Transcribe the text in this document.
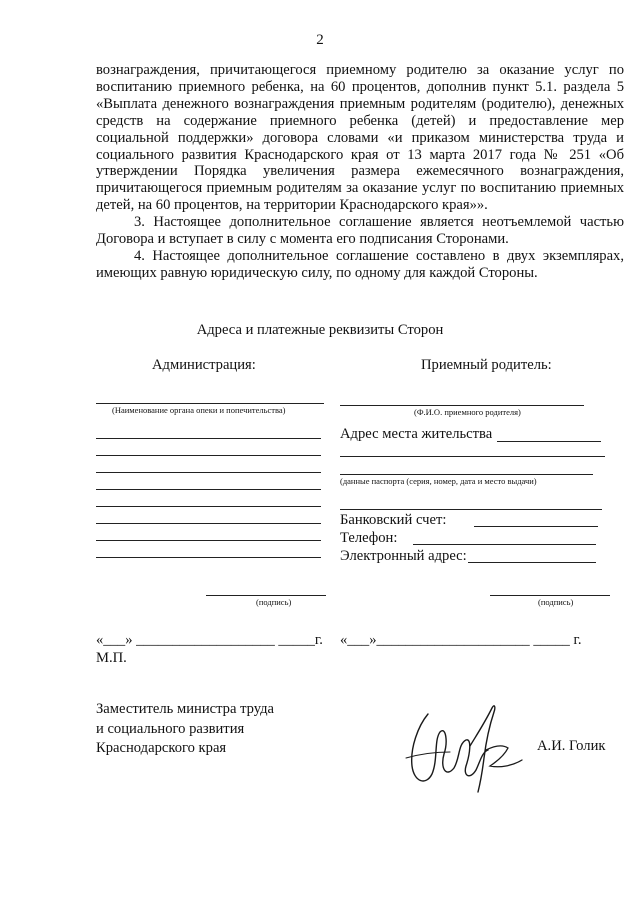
2

вознаграждения, причитающегося приемному родителю за оказание услуг по воспитанию приемного ребенка, на 60 процентов, дополнив пункт 5.1. раздела 5 «Выплата денежного вознаграждения приемным родителям (родителю), денежных средств на содержание приемного ребенка (детей) и предоставление мер социальной поддержки» договора словами «и приказом министерства труда и социального развития Краснодарского края от 13 марта 2017 года № 251 «Об утверждении Порядка увеличения размера ежемесячного вознаграждения, причитающегося приемным родителям за оказание услуг по воспитанию приемных детей, на 60 процентов, на территории Краснодарского края»».

3. Настоящее дополнительное соглашение является неотъемлемой частью Договора и вступает в силу с момента его подписания Сторонами.

4. Настоящее дополнительное соглашение составлено в двух экземплярах, имеющих равную юридическую силу, по одному для каждой Стороны.

Адреса и платежные реквизиты Сторон
Администрация:
(Наименование органа опеки и попечительства)
(подпись)
Приемный родитель:
(Ф.И.О. приемного родителя)
Адрес места жительства
(данные паспорта (серия, номер, дата и место выдачи)
Банковский счет:
Телефон:
Электронный адрес:
(подпись)
«___» ___________________ _____г. «___»_____________________ _____ г.
М.П.
Заместитель министра труда
и социального развития
Краснодарского края	А.И. Голик
